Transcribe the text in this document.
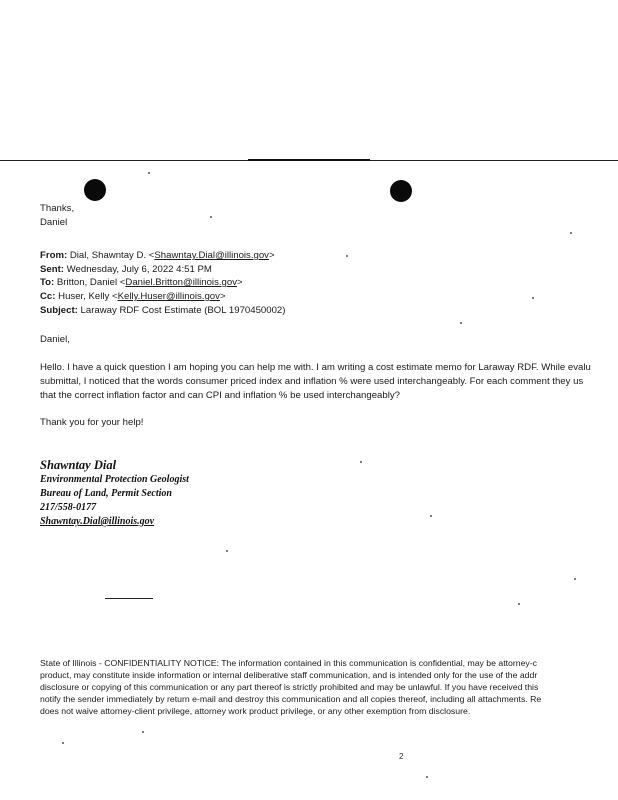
Thanks,
Daniel
From: Dial, Shawntay D. <Shawntay.Dial@illinois.gov>
Sent: Wednesday, July 6, 2022 4:51 PM
To: Britton, Daniel <Daniel.Britton@illinois.gov>
Cc: Huser, Kelly <Kelly.Huser@illinois.gov>
Subject: Laraway RDF Cost Estimate (BOL 1970450002)
Daniel,
Hello. I have a quick question I am hoping you can help me with. I am writing a cost estimate memo for Laraway RDF. While evalu
submittal, I noticed that the words consumer priced index and inflation % were used interchangeably. For each comment they us
that the correct inflation factor and can CPI and inflation % be used interchangeably?
Thank you for your help!
Shawntay Dial
Environmental Protection Geologist
Bureau of Land, Permit Section
217/558-0177
Shawntay.Dial@illinois.gov
State of Illinois - CONFIDENTIALITY NOTICE: The information contained in this communication is confidential, may be attorney-c
product, may constitute inside information or internal deliberative staff communication, and is intended only for the use of the addr
disclosure or copying of this communication or any part thereof is strictly prohibited and may be unlawful. If you have received this
notify the sender immediately by return e-mail and destroy this communication and all copies thereof, including all attachments. Re
does not waive attorney-client privilege, attorney work product privilege, or any other exemption from disclosure.
2
